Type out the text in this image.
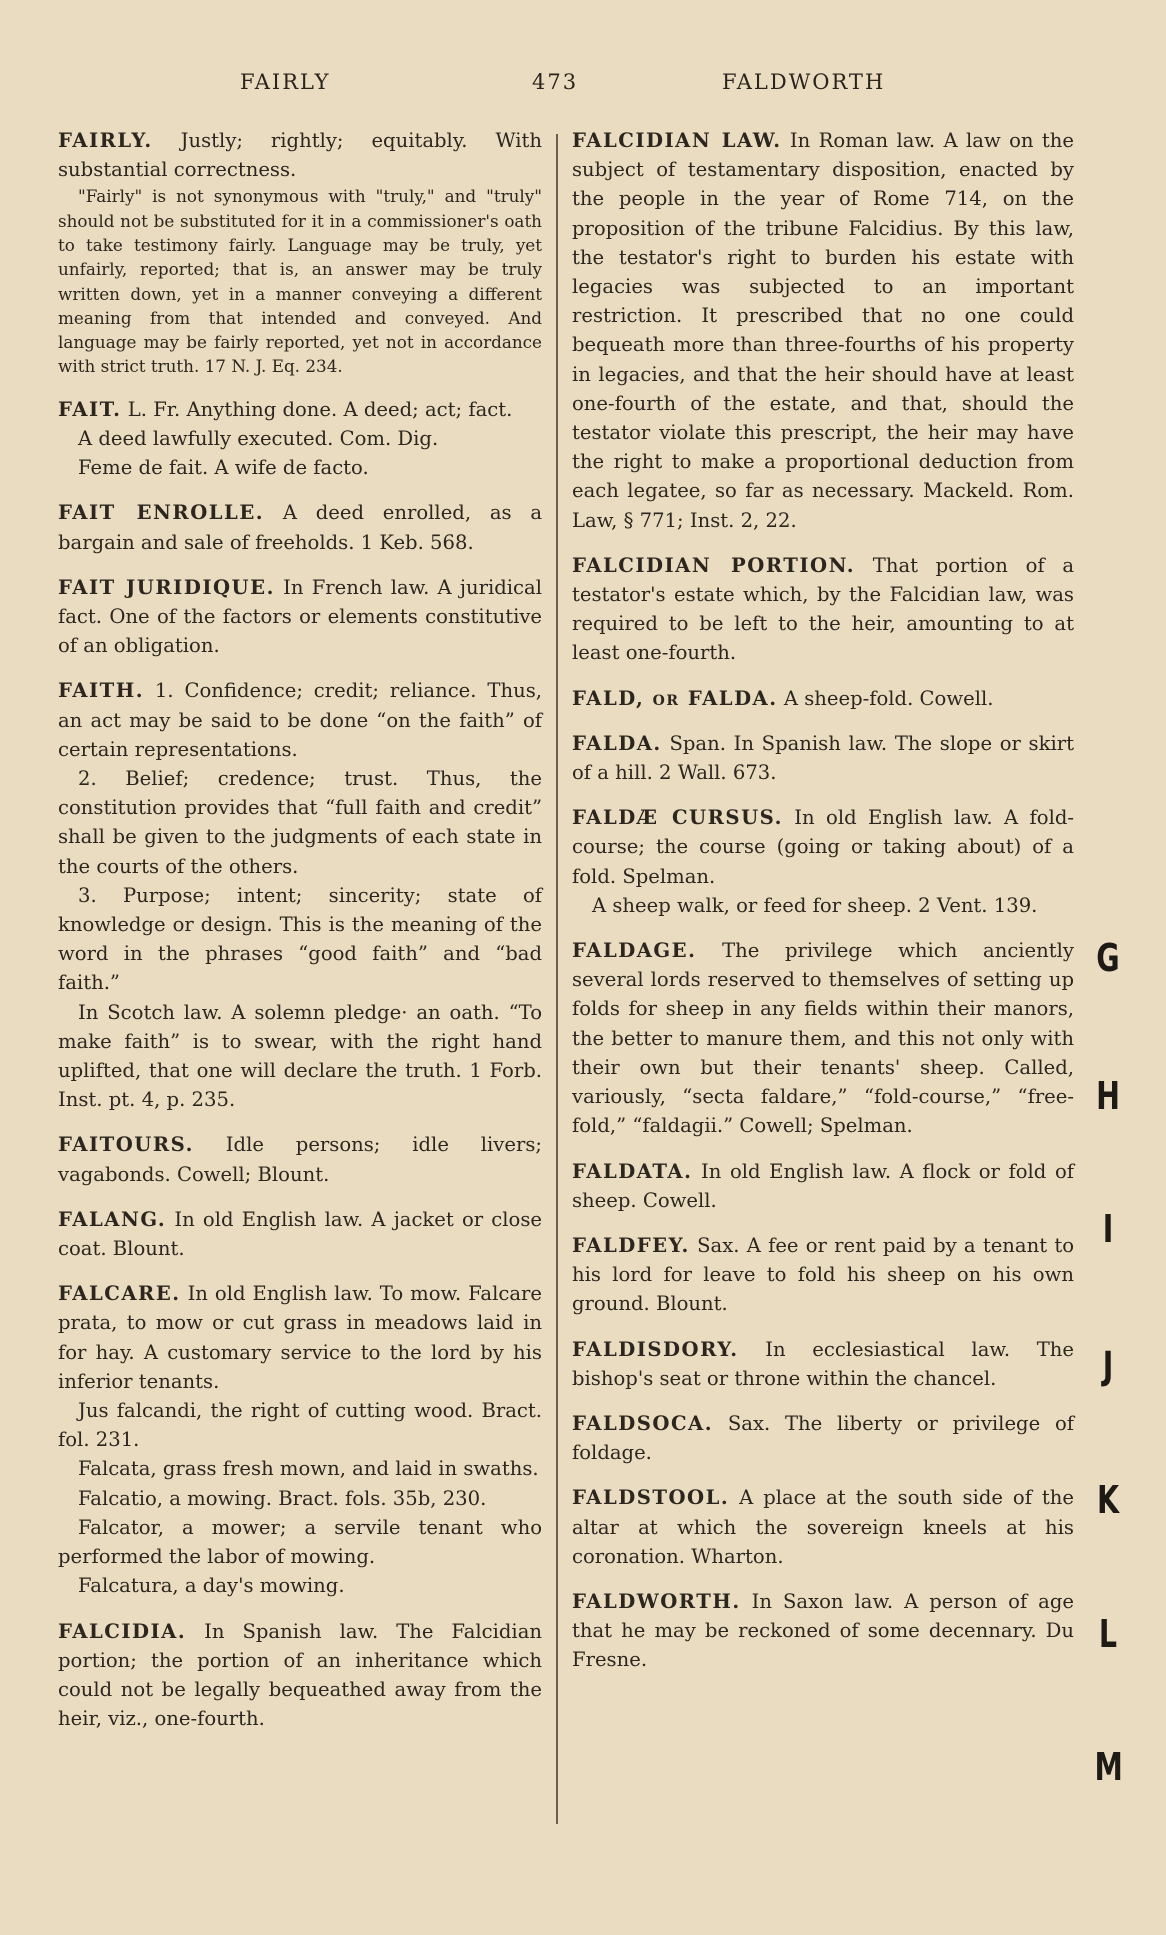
FAIRLY	473	FALDWORTH

FAIRLY. Justly; rightly; equitably. With substantial correctness.

"Fairly" is not synonymous with "truly," and "truly" should not be substituted for it in a commissioner's oath to take testimony fairly. Language may be truly, yet unfairly, reported; that is, an answer may be truly written down, yet in a manner conveying a different meaning from that intended and conveyed. And language may be fairly reported, yet not in accordance with strict truth. 17 N. J. Eq. 234.

FAIT. L. Fr. Anything done. A deed; act; fact.

A deed lawfully executed. Com. Dig.

Feme de fait. A wife de facto.

FAIT ENROLLE. A deed enrolled, as a bargain and sale of freeholds. 1 Keb. 568.

FAIT JURIDIQUE. In French law. A juridical fact. One of the factors or elements constitutive of an obligation.

FAITH. 1. Confidence; credit; reliance. Thus, an act may be said to be done “on the faith” of certain representations.

2. Belief; credence; trust. Thus, the constitution provides that “full faith and credit” shall be given to the judgments of each state in the courts of the others.

3. Purpose; intent; sincerity; state of knowledge or design. This is the meaning of the word in the phrases “good faith” and “bad faith.”

In Scotch law. A solemn pledge· an oath. “To make faith” is to swear, with the right hand uplifted, that one will declare the truth. 1 Forb. Inst. pt. 4, p. 235.

FAITOURS. Idle persons; idle livers; vagabonds. Cowell; Blount.

FALANG. In old English law. A jacket or close coat. Blount.

FALCARE. In old English law. To mow. Falcare prata, to mow or cut grass in meadows laid in for hay. A customary service to the lord by his inferior tenants.

Jus falcandi, the right of cutting wood. Bract. fol. 231.

Falcata, grass fresh mown, and laid in swaths.

Falcatio, a mowing. Bract. fols. 35b, 230.

Falcator, a mower; a servile tenant who performed the labor of mowing.

Falcatura, a day's mowing.

FALCIDIA. In Spanish law. The Falcidian portion; the portion of an inheritance which could not be legally bequeathed away from the heir, viz., one-fourth.

FALCIDIAN LAW. In Roman law. A law on the subject of testamentary disposition, enacted by the people in the year of Rome 714, on the proposition of the tribune Falcidius. By this law, the testator's right to burden his estate with legacies was subjected to an important restriction. It prescribed that no one could bequeath more than three-fourths of his property in legacies, and that the heir should have at least one-fourth of the estate, and that, should the testator violate this prescript, the heir may have the right to make a proportional deduction from each legatee, so far as necessary. Mackeld. Rom. Law, § 771; Inst. 2, 22.

FALCIDIAN PORTION. That portion of a testator's estate which, by the Falcidian law, was required to be left to the heir, amounting to at least one-fourth.

FALD, or FALDA. A sheep-fold. Cowell.

FALDA. Span. In Spanish law. The slope or skirt of a hill. 2 Wall. 673.

FALDÆ CURSUS. In old English law. A fold-course; the course (going or taking about) of a fold. Spelman.

A sheep walk, or feed for sheep. 2 Vent. 139.

FALDAGE. The privilege which anciently several lords reserved to themselves of setting up folds for sheep in any fields within their manors, the better to manure them, and this not only with their own but their tenants' sheep. Called, variously, “secta faldare,” “fold-course,” “free-fold,” “faldagii.” Cowell; Spelman.

FALDATA. In old English law. A flock or fold of sheep. Cowell.

FALDFEY. Sax. A fee or rent paid by a tenant to his lord for leave to fold his sheep on his own ground. Blount.

FALDISDORY. In ecclesiastical law. The bishop's seat or throne within the chancel.

FALDSOCA. Sax. The liberty or privilege of foldage.

FALDSTOOL. A place at the south side of the altar at which the sovereign kneels at his coronation. Wharton.

FALDWORTH. In Saxon law. A person of age that he may be reckoned of some decennary. Du Fresne.

G
H
I
J
K
L
M
